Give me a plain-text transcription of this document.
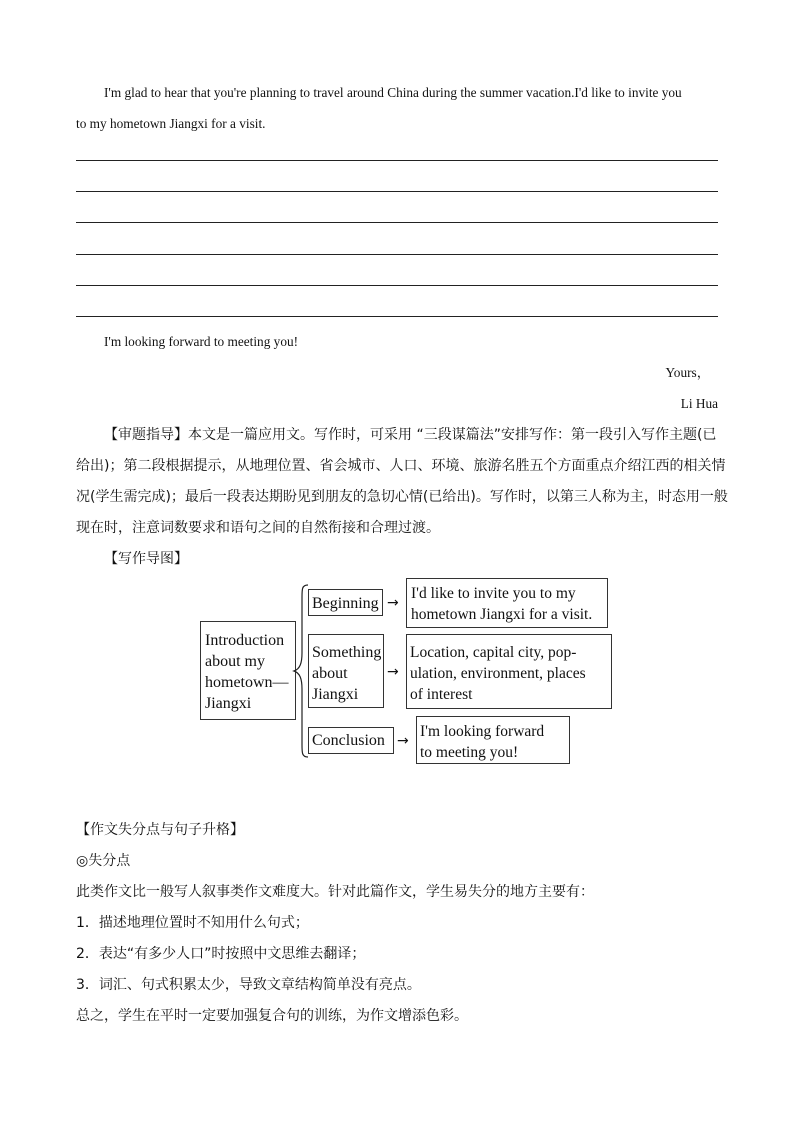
I'm glad to hear that you're planning to travel around China during the summer vacation.I'd like to invite you
to my hometown Jiangxi for a visit.
I'm looking forward to meeting you!
Yours，
Li Hua
【审题指导】本文是一篇应用文。写作时，可采用 “三段谋篇法”安排写作：第一段引入写作主题(已
给出)；第二段根据提示，从地理位置、省会城市、人口、环境、旅游名胜五个方面重点介绍江西的相关情
况(学生需完成)；最后一段表达期盼见到朋友的急切心情(已给出)。写作时，以第三人称为主，时态用一般
现在时，注意词数要求和语句之间的自然衔接和合理过渡。
【写作导图】
Introduction
about my
hometown—
Jiangxi
Beginning →
I'd like to invite you to my
hometown Jiangxi for a visit.
Something
about
Jiangxi
→
Location, capital city, pop-
ulation, environment, places
of interest
Conclusion →
I'm looking forward
to meeting you!
【作文失分点与句子升格】
◎失分点
此类作文比一般写人叙事类作文难度大。针对此篇作文，学生易失分的地方主要有：
1．描述地理位置时不知用什么句式；
2．表达“有多少人口”时按照中文思维去翻译；
3．词汇、句式积累太少，导致文章结构简单没有亮点。
总之，学生在平时一定要加强复合句的训练，为作文增添色彩。
